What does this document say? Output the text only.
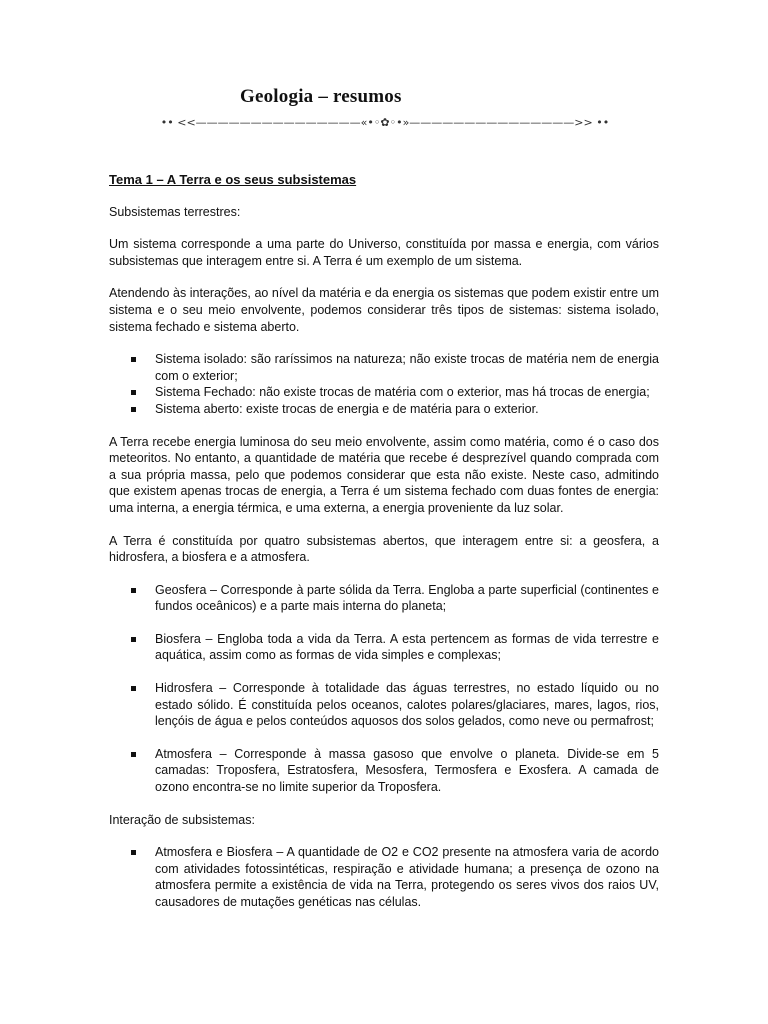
Geologia – resumos
•• <<———————————————«•◦✿◦•»———————————————>> ••
Tema 1 – A Terra e os seus subsistemas

Subsistemas terrestres:

Um sistema corresponde a uma parte do Universo, constituída por massa e energia, com vários subsistemas que interagem entre si. A Terra é um exemplo de um sistema.

Atendendo às interações, ao nível da matéria e da energia os sistemas que podem existir entre um sistema e o seu meio envolvente, podemos considerar três tipos de sistemas: sistema isolado, sistema fechado e sistema aberto.

Sistema isolado: são raríssimos na natureza; não existe trocas de matéria nem de energia com o exterior;
Sistema Fechado: não existe trocas de matéria com o exterior, mas há trocas de energia;
Sistema aberto: existe trocas de energia e de matéria para o exterior.

A Terra recebe energia luminosa do seu meio envolvente, assim como matéria, como é o caso dos meteoritos. No entanto, a quantidade de matéria que recebe é desprezível quando comprada com a sua própria massa, pelo que podemos considerar que esta não existe. Neste caso, admitindo que existem apenas trocas de energia, a Terra é um sistema fechado com duas fontes de energia: uma interna, a energia térmica, e uma externa, a energia proveniente da luz solar.

A Terra é constituída por quatro subsistemas abertos, que interagem entre si: a geosfera, a hidrosfera, a biosfera e a atmosfera.

Geosfera – Corresponde à parte sólida da Terra. Engloba a parte superficial (continentes e fundos oceânicos) e a parte mais interna do planeta;
Biosfera – Engloba toda a vida da Terra. A esta pertencem as formas de vida terrestre e aquática, assim como as formas de vida simples e complexas;
Hidrosfera – Corresponde à totalidade das águas terrestres, no estado líquido ou no estado sólido. É constituída pelos oceanos, calotes polares/glaciares, mares, lagos, rios, lençóis de água e pelos conteúdos aquosos dos solos gelados, como neve ou permafrost;
Atmosfera – Corresponde à massa gasoso que envolve o planeta. Divide-se em 5 camadas: Troposfera, Estratosfera, Mesosfera, Termosfera e Exosfera. A camada de ozono encontra-se no limite superior da Troposfera.

Interação de subsistemas:

Atmosfera e Biosfera – A quantidade de O2 e CO2 presente na atmosfera varia de acordo com atividades fotossintéticas, respiração e atividade humana; a presença de ozono na atmosfera permite a existência de vida na Terra, protegendo os seres vivos dos raios UV, causadores de mutações genéticas nas células.
